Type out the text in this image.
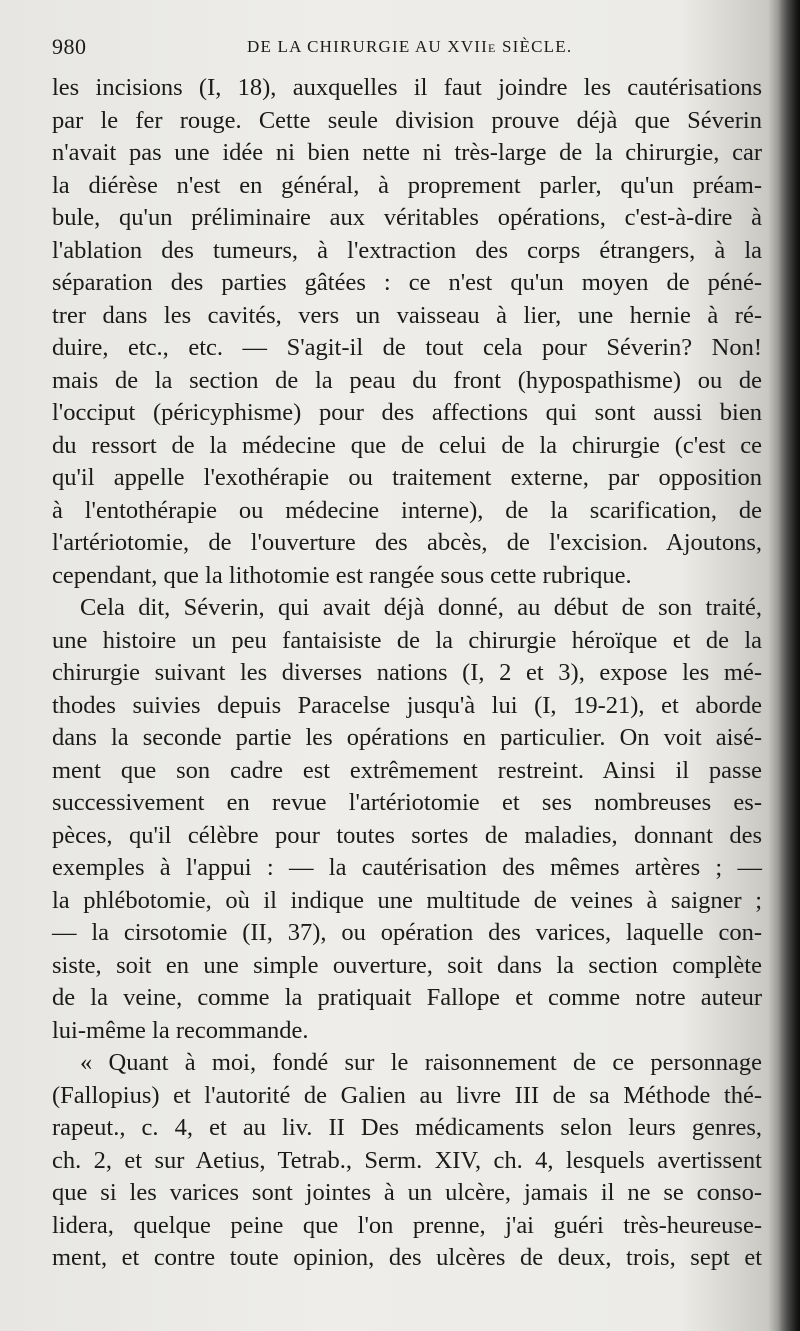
980	DE LA CHIRURGIE AU XVIIe SIÈCLE.
les incisions (I, 18), auxquelles il faut joindre les cautérisations
par le fer rouge. Cette seule division prouve déjà que Séverin
n'avait pas une idée ni bien nette ni très-large de la chirurgie, car
la diérèse n'est en général, à proprement parler, qu'un préam-
bule, qu'un préliminaire aux véritables opérations, c'est-à-dire à
l'ablation des tumeurs, à l'extraction des corps étrangers, à la
séparation des parties gâtées : ce n'est qu'un moyen de péné-
trer dans les cavités, vers un vaisseau à lier, une hernie à ré-
duire, etc., etc. — S'agit-il de tout cela pour Séverin? Non!
mais de la section de la peau du front (hypospathisme) ou de
l'occiput (péricyphisme) pour des affections qui sont aussi bien
du ressort de la médecine que de celui de la chirurgie (c'est ce
qu'il appelle l'exothérapie ou traitement externe, par opposition
à l'entothérapie ou médecine interne), de la scarification, de
l'artériotomie, de l'ouverture des abcès, de l'excision. Ajoutons,
cependant, que la lithotomie est rangée sous cette rubrique.
Cela dit, Séverin, qui avait déjà donné, au début de son traité,
une histoire un peu fantaisiste de la chirurgie héroïque et de la
chirurgie suivant les diverses nations (I, 2 et 3), expose les mé-
thodes suivies depuis Paracelse jusqu'à lui (I, 19-21), et aborde
dans la seconde partie les opérations en particulier. On voit aisé-
ment que son cadre est extrêmement restreint. Ainsi il passe
successivement en revue l'artériotomie et ses nombreuses es-
pèces, qu'il célèbre pour toutes sortes de maladies, donnant des
exemples à l'appui : — la cautérisation des mêmes artères ; —
la phlébotomie, où il indique une multitude de veines à saigner ;
— la cirsotomie (II, 37), ou opération des varices, laquelle con-
siste, soit en une simple ouverture, soit dans la section complète
de la veine, comme la pratiquait Fallope et comme notre auteur
lui-même la recommande.
« Quant à moi, fondé sur le raisonnement de ce personnage
(Fallopius) et l'autorité de Galien au livre III de sa Méthode thé-
rapeut., c. 4, et au liv. II Des médicaments selon leurs genres,
ch. 2, et sur Aetius, Tetrab., Serm. XIV, ch. 4, lesquels avertissent
que si les varices sont jointes à un ulcère, jamais il ne se conso-
lidera, quelque peine que l'on prenne, j'ai guéri très-heureuse-
ment, et contre toute opinion, des ulcères de deux, trois, sept et
